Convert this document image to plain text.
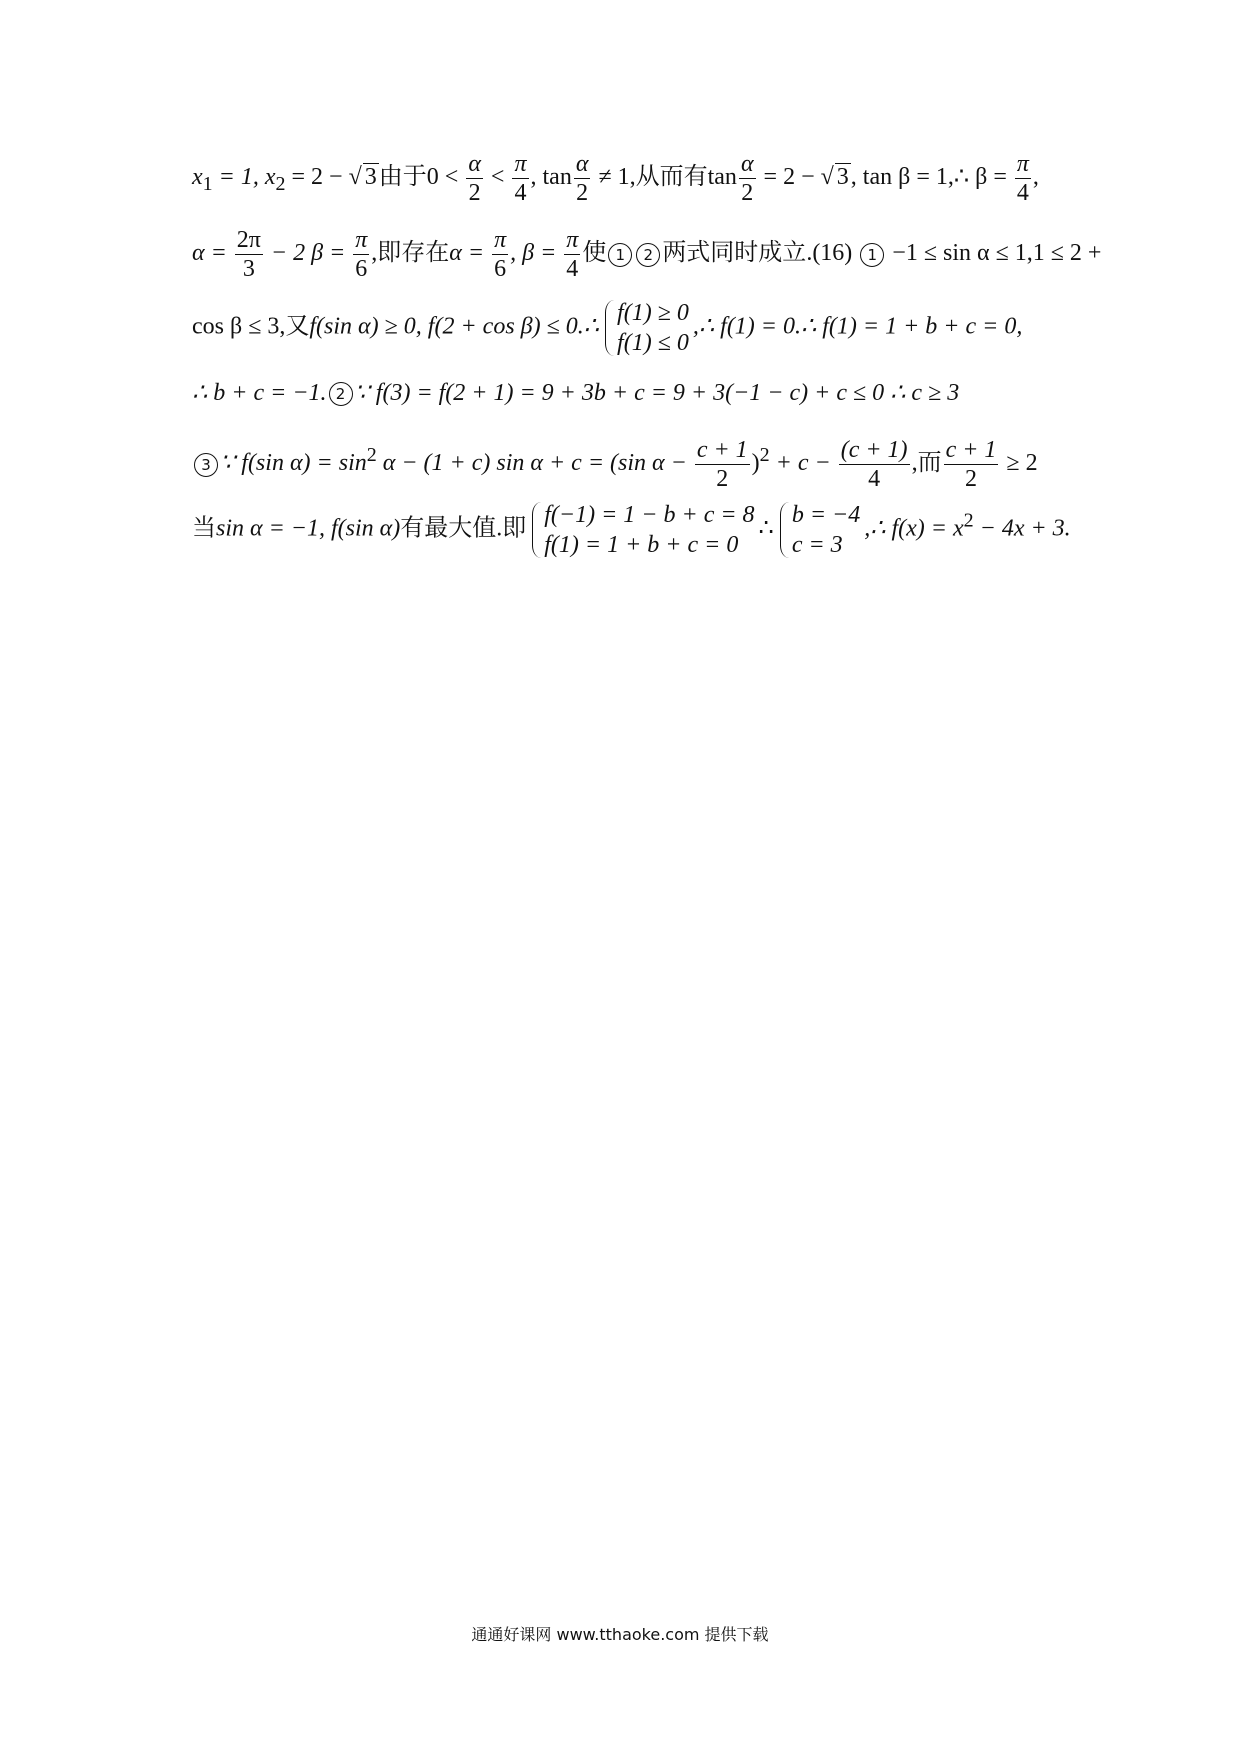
$x_1 = 1$, $x_2 = 2$ − √ 3由于$0 < \frac{\alpha}{2} < \frac{\pi}{4}$ , $\tan \frac{\alpha}{2} \ne 1$,从而有$\tan \frac{\alpha}{2} = 2$ − √ 3, tan β = 1,∴ $\beta = \frac{\pi}{4}$ ,
$\alpha = \frac{2\pi}{3} - 2$ $\beta = \frac{\pi}{6}$ ,即存在$\alpha = \frac{\pi}{6}$ , $\beta = \frac{\pi}{4}$ 使 1 2 两式同时成立.(16) 1 −1 ≤ sin α ≤ 1,1 ≤ 2 +
cos β ≤ 3,又f(sin α) ≥ 0, f(2 + cos β) ≤ 0.∴
f(1) ≥ 0
f(1) ≤ 0
,∴ f(1) = 0.∴ f(1) = 1 + b + c = 0,
∴ b + c = −1. 2 ∵ f(3) = f(2 + 1) = 9 + 3b + c = 9 + 3(−1 − c) + c ≤ 0 ∴ c ≥ 3
3 ∵ f(sin $\alpha) = \sin^2 \alpha - (1 + c)$ sin α + c = (sin $\alpha - \frac{c + 1}{2} )^2 + c - \frac{(c + 1)}{4}$ ,而 $\frac{c + 1}{2} \ge 2$
当sin α = −1, f(sin α)有最大值.即 f(−1) = 1 − b + c = 8
f(1) = 1 + b + c = 0
∴
b = −4
c = 3
,∴ $f(x) = x^2 - 4x + 3$.
通通好课网 www.tthaoke.com 提供下载
